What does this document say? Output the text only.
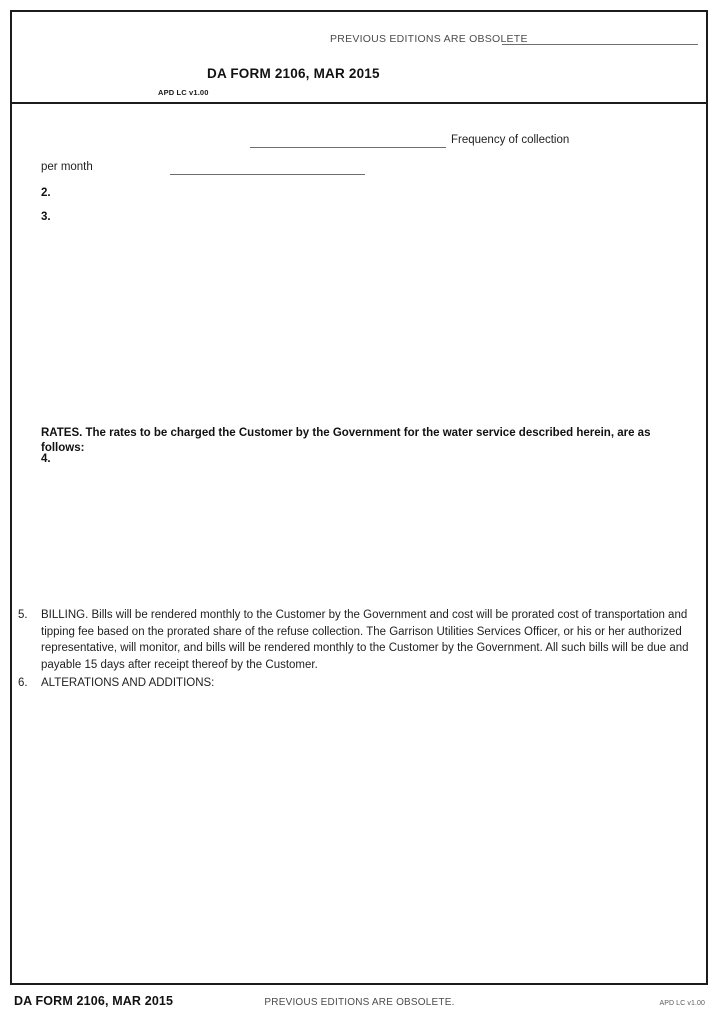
PREVIOUS EDITIONS ARE OBSOLETE
DA FORM 2106, MAR 2015
APD LC v1.00
Frequency of collection
per month
2.
3.
RATES. The rates to be charged the Customer by the Government for the water service described herein, are as follows:
4.
5. BILLING. Bills will be rendered monthly to the Customer by the Government and cost will be prorated cost of transportation and tipping fee based on the prorated share of the refuse collection. The Garrison Utilities Services Officer, or his or her authorized representative, will monitor, and bills will be rendered monthly to the Customer by the Government. All such bills will be due and payable 15 days after receipt thereof by the Customer.
6. ALTERATIONS AND ADDITIONS:
DA FORM 2106, MAR 2015	PREVIOUS EDITIONS ARE OBSOLETE.	APD LC v1.00
